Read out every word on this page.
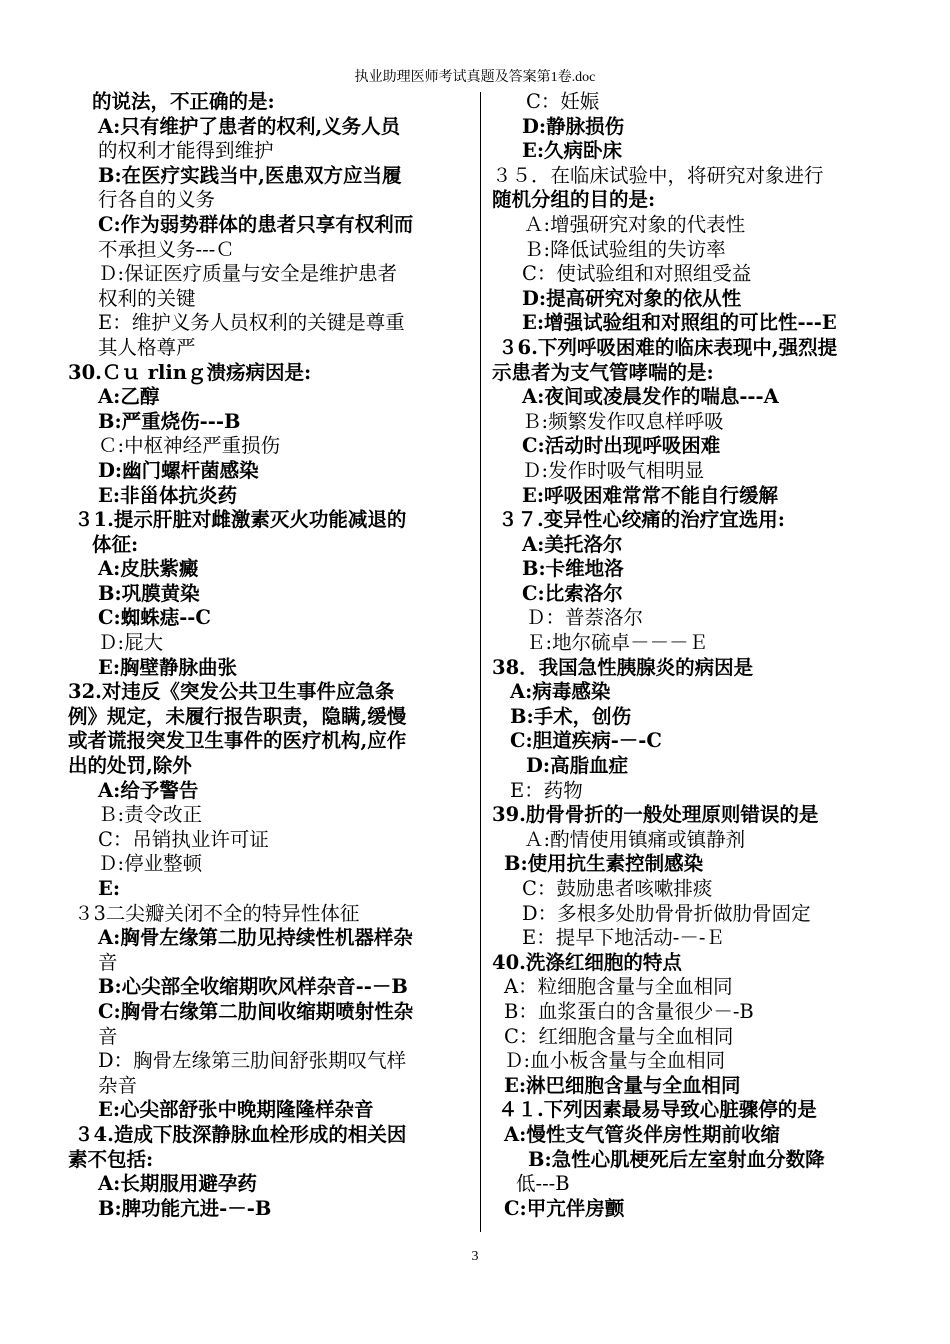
执业助理医师考试真题及答案第1卷.doc
的说法，不正确的是:
A:只有维护了患者的权利,义务人员
的权利才能得到维护
B:在医疗实践当中,医患双方应当履
行各自的义务
C:作为弱势群体的患者只享有权利而
不承担义务---Ｃ
Ｄ:保证医疗质量与安全是维护患者
权利的关键
E：维护义务人员权利的关键是尊重
其人格尊严
30.Ｃｕ rlinｇ溃疡病因是:
A:乙醇
B:严重烧伤---B
Ｃ:中枢神经严重损伤
D:幽门螺杆菌感染
E:非甾体抗炎药
３1.提示肝脏对雌激素灭火功能减退的
体征:
A:皮肤紫癜
B:巩膜黄染
C:蜘蛛痣--C
Ｄ:屁大
E:胸壁静脉曲张
32.对违反《突发公共卫生事件应急条
例》规定，未履行报告职责，隐瞒,缓慢
或者谎报突发卫生事件的医疗机构,应作
出的处罚,除外
A:给予警告
Ｂ:责令改正
C：吊销执业许可证
Ｄ:停业整顿
E:
３3二尖瓣关闭不全的特异性体征
A:胸骨左缘第二肋见持续性机器样杂
音
B:心尖部全收缩期吹风样杂音--－B
C:胸骨右缘第二肋间收缩期喷射性杂
音
D：胸骨左缘第三肋间舒张期叹气样
杂音
E:心尖部舒张中晚期隆隆样杂音
３4.造成下肢深静脉血栓形成的相关因
素不包括:
A:长期服用避孕药
B:脾功能亢进-－-B
C：妊娠
D:静脉损伤
E:久病卧床
３５．在临床试验中，将研究对象进行
随机分组的目的是:
Ａ:增强研究对象的代表性
Ｂ:降低试验组的失访率
C：使试验组和对照组受益
D:提高研究对象的依从性
E:增强试验组和对照组的可比性---E
３6.下列呼吸困难的临床表现中,强烈提
示患者为支气管哮喘的是:
A:夜间或凌晨发作的喘息---A
Ｂ:频繁发作叹息样呼吸
C:活动时出现呼吸困难
Ｄ:发作时吸气相明显
E:呼吸困难常常不能自行缓解
３７.变异性心绞痛的治疗宜选用:
A:美托洛尔
B:卡维地洛
C:比索洛尔
Ｄ：普萘洛尔
Ｅ:地尔硫卓－－－Ｅ
38．我国急性胰腺炎的病因是
A:病毒感染
B:手术，创伤
C:胆道疾病-－-C
D:高脂血症
E：药物
39.肋骨骨折的一般处理原则错误的是
Ａ:酌情使用镇痛或镇静剂
B:使用抗生素控制感染
C：鼓励患者咳嗽排痰
D：多根多处肋骨骨折做肋骨固定
E：提早下地活动-－-Ｅ
40.洗涤红细胞的特点
A：粒细胞含量与全血相同
B：血浆蛋白的含量很少－-B
C：红细胞含量与全血相同
Ｄ:血小板含量与全血相同
E:淋巴细胞含量与全血相同
４１.下列因素最易导致心脏骤停的是
A:慢性支气管炎伴房性期前收缩
B:急性心肌梗死后左室射血分数降
低---B
C:甲亢伴房颤
3
